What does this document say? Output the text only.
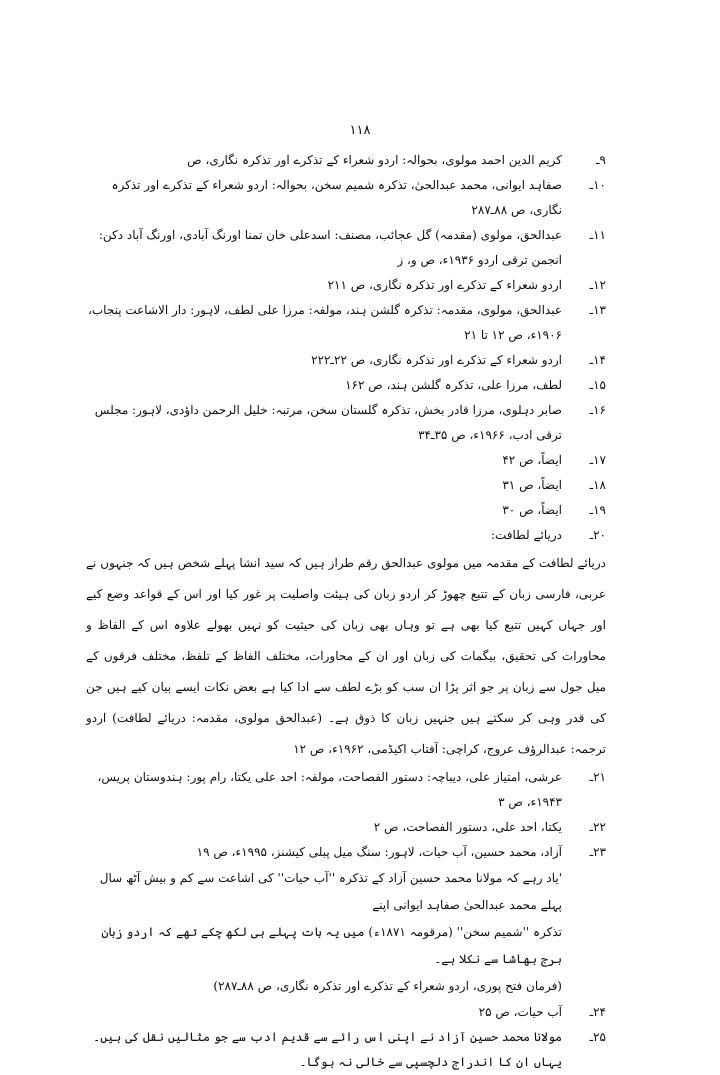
۱۱۸
۹ـ
کریم الدین احمد مولوی، بحوالہ: اردو شعراء کے تذکرے اور تذکرہ نگاری، ص
۱۰ـ
صفاہد ایوانی، محمد عبدالحیٰ، تذکرہ شمیم سخن، بحوالہ: اردو شعراء کے تذکرے اور تذکرہ نگاری، ص ۸۸ـ۲۸۷
۱۱ـ
عبدالحق، مولوی (مقدمہ) گل عجائب، مصنف: اسدعلی خان تمنا اورنگ آبادی، اورنگ آباد دکن: انجمن ترقی اردو ۱۹۳۶ء، ص و، ز
۱۲ـ
اردو شعراء کے تذکرے اور تذکرہ نگاری، ص ۲۱۱
۱۳ـ
عبدالحق، مولوی، مقدمہ: تذکرہ گلشن ہند، مولفہ: مرزا علی لطف، لاہور: دار الاشاعت پنجاب، ۱۹۰۶ء، ص ۱۲ تا ۲۱
۱۴ـ
اردو شعراء کے تذکرے اور تذکرہ نگاری، ص ۲۲ـ۲۲۲
۱۵ـ
لطف، مرزا علی، تذکرہ گلشن ہند، ص ۱۶۲
۱۶ـ
صابر دہلوی، مرزا قادر بخش، تذکرہ گلستان سخن، مرتبہ: خلیل الرحمن داؤدی، لاہور: مجلس ترقی ادب، ۱۹۶۶ء، ص ۳۵ـ۳۴
۱۷ـ
ایضاً، ص ۴۲
۱۸ـ
ایضاً، ص ۳۱
۱۹ـ
ایضاً، ص ۳۰
۲۰ـ
دریائے لطافت:

دریائے لطافت کے مقدمہ میں مولوی عبدالحق رقم طراز ہیں کہ سید انشا پہلے شخص ہیں کہ جنہوں نے عربی، فارسی زبان کے تتبع چھوڑ کر اردو زبان کی ہیئت واصلیت پر غور کیا اور اس کے قواعد وضع کیے اور جہاں کہیں تتبع کیا بھی ہے تو وہاں بھی زبان کی حیثیت کو نہیں بھولے علاوہ اس کے الفاظ و محاورات کی تحقیق، بیگمات کی زبان اور ان کے محاورات، مختلف الفاظ کے تلفظ، مختلف فرقوں کے میل جول سے زبان پر جو اثر پڑا ان سب کو بڑے لطف سے ادا کیا ہے بعض نکات ایسے بیان کیے ہیں جن کی قدر وہی کر سکتے ہیں جنہیں زبان کا ذوق ہے۔ (عبدالحق مولوی، مقدمہ: دریائے لطافت) اردو ترجمہ: عبدالرؤف عروج، کراچی: آفتاب اکیڈمی، ۱۹۶۲ء، ص ۱۲

۲۱ـ
عرشی، امتیاز علی، دیباچہ: دستور الفصاحت، مولفہ: احد علی یکتا، رام پور: ہندوستان پریس، ۱۹۴۳ء، ص ۳
۲۲ـ
یکتا، احد علی، دستور الفصاحت، ص ۲
۲۳ـ
آزاد، محمد حسین، آب حیات، لاہور: سنگ میل پبلی کیشنز، ۱۹۹۵ء، ص ۱۹

'یاد رہے کہ مولانا محمد حسین آزاد کے تذکرہ ''آب حیات'' کی اشاعت سے کم و بیش آٹھ سال پہلے محمد عبدالحیٰ صفاہد ایوانی اپنے

تذکرہ ''شمیم سخن'' (مرقومہ ۱۸۷۱ء) میں یہ بات پہلے ہی لکھ چکے تھے کہ اردو زبان برج بھاشا سے نکلا ہے۔

(فرمان فتح پوری، اردو شعراء کے تذکرے اور تذکرہ نگاری، ص ۸۸ـ۲۸۷)

۲۴ـ
آب حیات، ص ۲۵
۲۵ـ
مولانا محمد حسین آزاد نے اپنی اس رائے سے قدیم ادب سے جو مثالیں نقل کی ہیں۔ یہاں ان کا اندراج دلچسپی سے خالی نہ ہوگا۔
